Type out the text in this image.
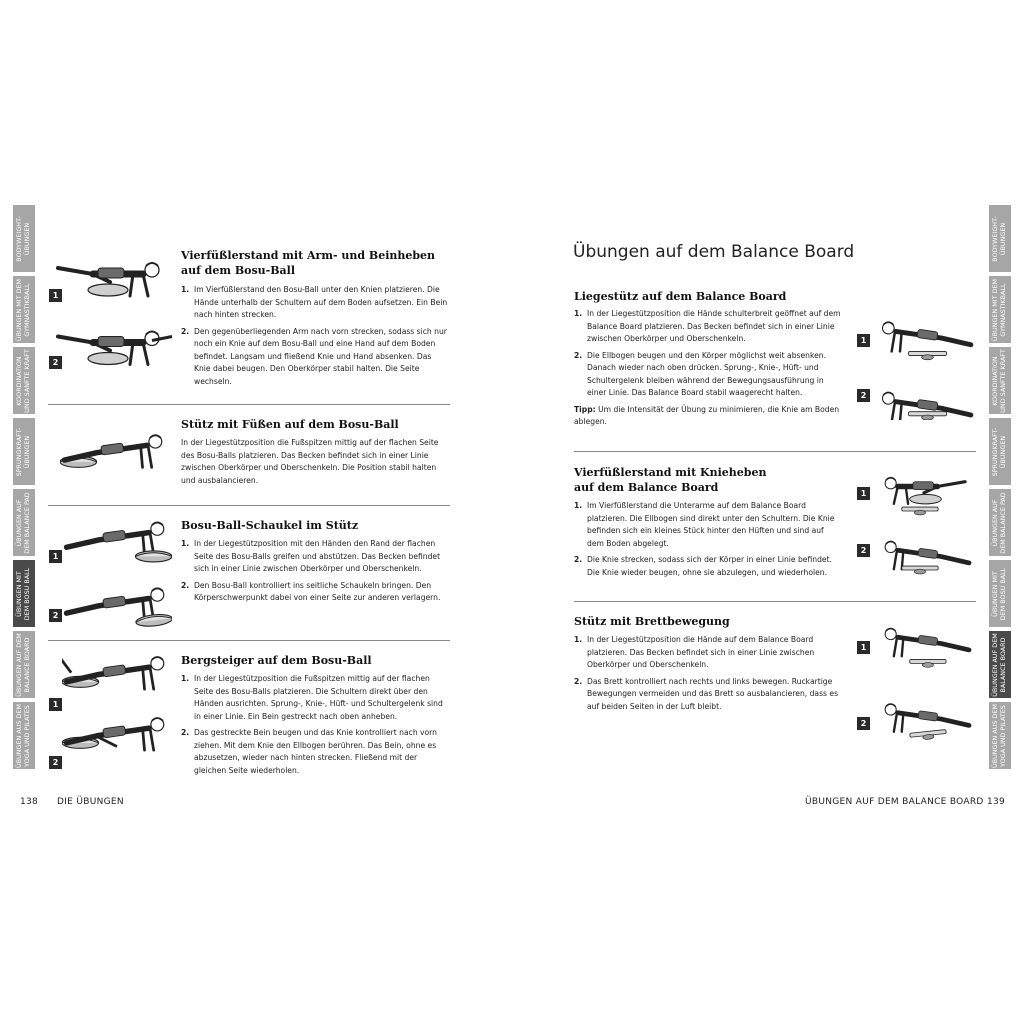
BODYWEIGHT-
ÜBUNGEN
ÜBUNGEN MIT DEM
GYMNASTIKBALL
KOORDINATION
UND SANFTE KRAFT
SPRUNGKRAFT-
ÜBUNGEN
ÜBUNGEN AUF
DEM BALANCE PAD
ÜBUNGEN MIT
DEM BOSU BALL
ÜBUNGEN AUF DEM
BALANCE BOARD
ÜBUNGEN AUS DEM
YOGA UND PILATES
BODYWEIGHT-
ÜBUNGEN
ÜBUNGEN MIT DEM
GYMNASTIKBALL
KOORDINATION
UND SANFTE KRAFT
SPRUNGKRAFT-
ÜBUNGEN
ÜBUNGEN AUF
DEM BALANCE PAD
ÜBUNGEN MIT
DEM BOSU BALL
ÜBUNGEN AUF DEM
BALANCE BOARD
ÜBUNGEN AUS DEM
YOGA UND PILATES
1
2
Vierfüßlerstand mit Arm- und Beinheben
auf dem Bosu-Ball
1. Im Vierfüßlerstand den Bosu-Ball unter den Knien platzieren. Die Hände unterhalb der Schultern auf dem Boden aufsetzen. Ein Bein nach hinten strecken.
2. Den gegenüberliegenden Arm nach vorn strecken, sodass sich nur noch ein Knie auf dem Bosu-Ball und eine Hand auf dem Boden befindet. Langsam und fließend Knie und Hand absenken. Das Knie dabei beugen. Den Oberkörper stabil halten. Die Seite wechseln.
Stütz mit Füßen auf dem Bosu-Ball
In der Liegestützposition die Fußspitzen mittig auf der flachen Seite des Bosu-Balls platzieren. Das Becken befindet sich in einer Linie zwischen Oberkörper und Oberschenkeln. Die Position stabil halten und ausbalancieren.
1
2
Bosu-Ball-Schaukel im Stütz
1. In der Liegestützposition mit den Händen den Rand der flachen Seite des Bosu-Balls greifen und abstützen. Das Becken befindet sich in einer Linie zwischen Oberkörper und Oberschenkeln.
2. Den Bosu-Ball kontrolliert ins seitliche Schaukeln bringen. Den Körperschwerpunkt dabei von einer Seite zur anderen verlagern.
1
2
Bergsteiger auf dem Bosu-Ball
1. In der Liegestützposition die Fußspitzen mittig auf der flachen Seite des Bosu-Balls platzieren. Die Schultern direkt über den Händen ausrichten. Sprung-, Knie-, Hüft- und Schultergelenk sind in einer Linie. Ein Bein gestreckt nach oben anheben.
2. Das gestreckte Bein beugen und das Knie kontrolliert nach vorn ziehen. Mit dem Knie den Ellbogen berühren. Das Bein, ohne es abzusetzen, wieder nach hinten strecken. Fließend mit der gleichen Seite wiederholen.
138 DIE ÜBUNGEN
Übungen auf dem Balance Board
Liegestütz auf dem Balance Board
1. In der Liegestützposition die Hände schulterbreit geöffnet auf dem Balance Board platzieren. Das Becken befindet sich in einer Linie zwischen Oberkörper und Oberschenkeln.
2. Die Ellbogen beugen und den Körper möglichst weit absenken. Danach wieder nach oben drücken. Sprung-, Knie-, Hüft- und Schultergelenk bleiben während der Bewegungsausführung in einer Linie. Das Balance Board stabil waagerecht halten.
Tipp: Um die Intensität der Übung zu minimieren, die Knie am Boden ablegen.
1
2
Vierfüßlerstand mit Knieheben
auf dem Balance Board
1. Im Vierfüßlerstand die Unterarme auf dem Balance Board platzieren. Die Ellbogen sind direkt unter den Schultern. Die Knie befinden sich ein kleines Stück hinter den Hüften und sind auf dem Boden abgelegt.
2. Die Knie strecken, sodass sich der Körper in einer Linie befindet. Die Knie wieder beugen, ohne sie abzulegen, und wiederholen.
1
2
Stütz mit Brettbewegung
1. In der Liegestützposition die Hände auf dem Balance Board platzieren. Das Becken befindet sich in einer Linie zwischen Oberkörper und Oberschenkeln.
2. Das Brett kontrolliert nach rechts und links bewegen. Ruckartige Bewegungen vermeiden und das Brett so ausbalancieren, dass es auf beiden Seiten in der Luft bleibt.
1
2
ÜBUNGEN AUF DEM BALANCE BOARD 139
